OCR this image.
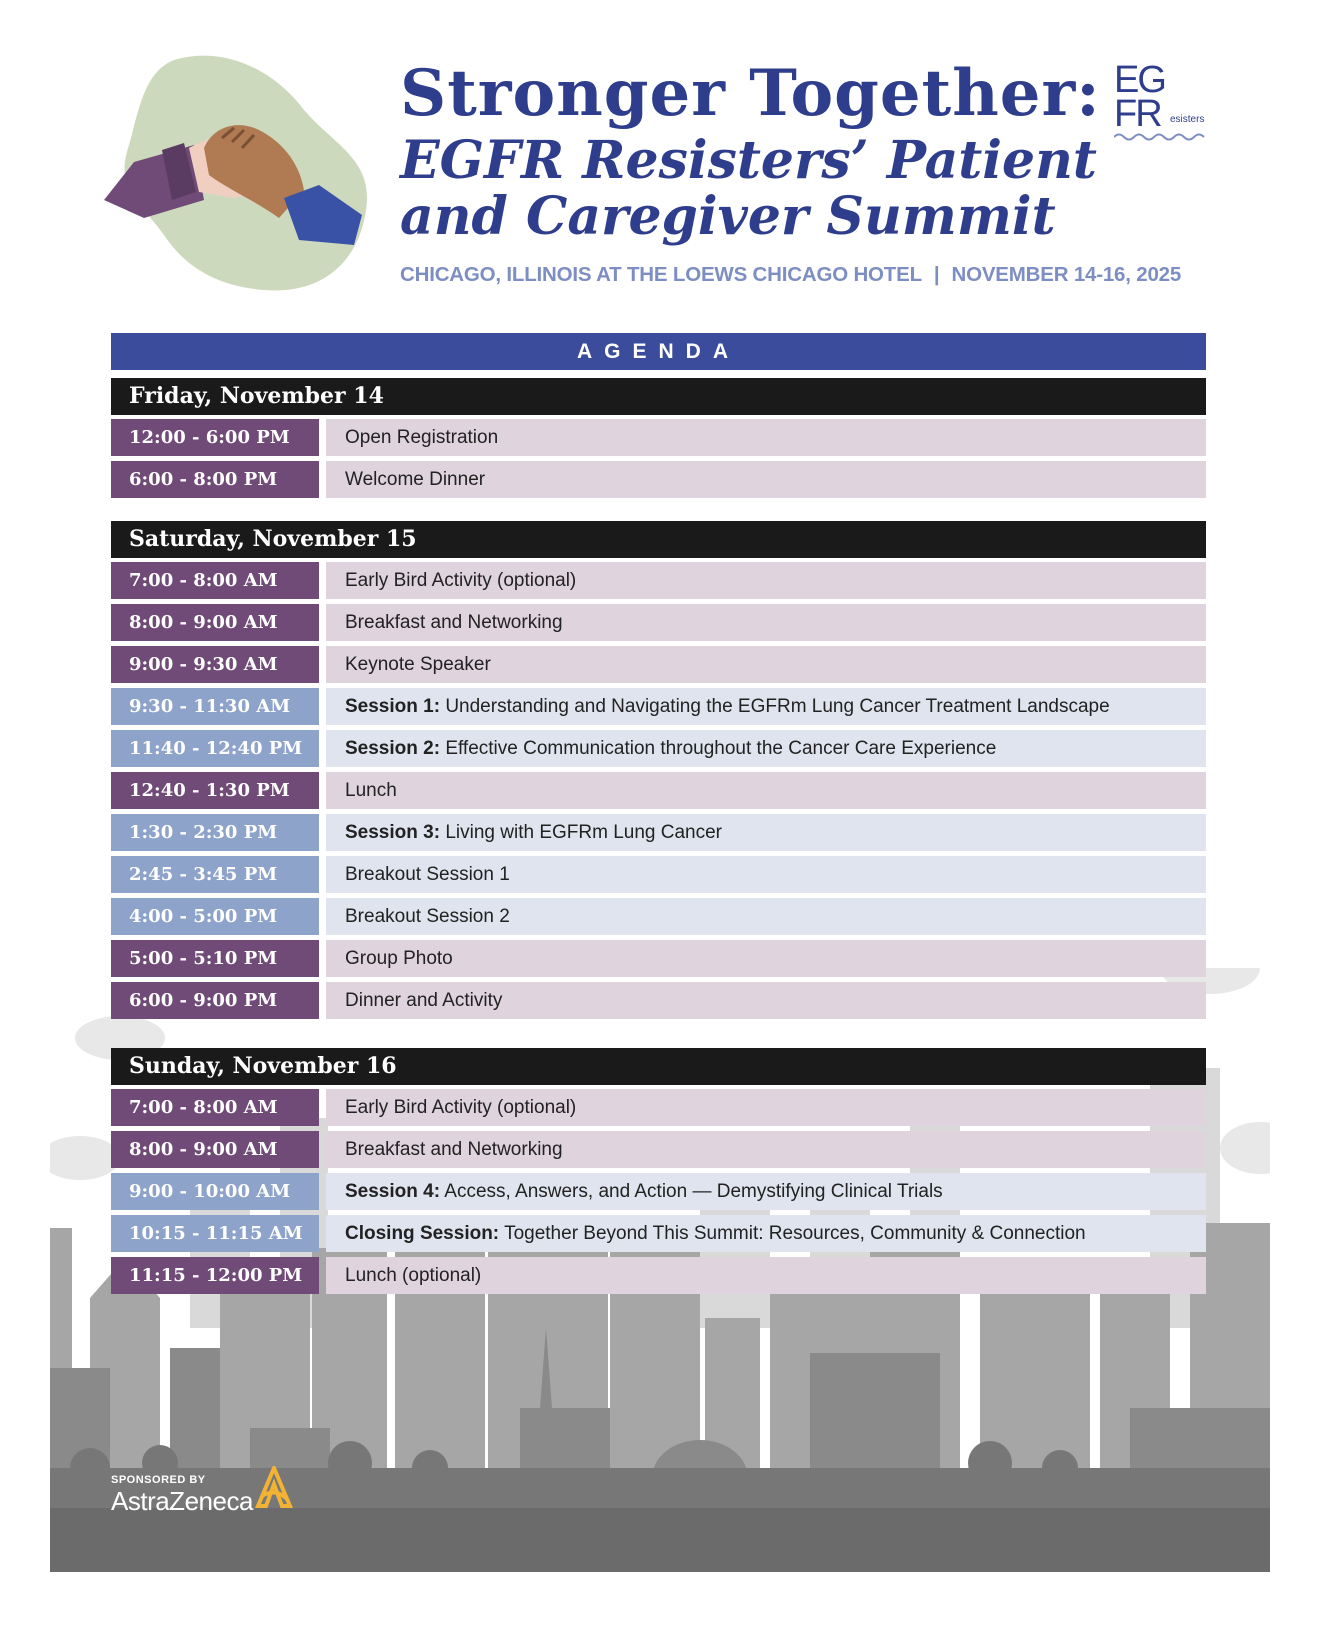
Stronger Together:
EGFR Resisters’ Patient
and Caregiver Summit
EG
FR esisters
CHICAGO, ILLINOIS AT THE LOEWS CHICAGO HOTEL | NOVEMBER 14-16, 2025
SPONSORED BY
AstraZeneca
AGENDA
Friday, November 14
12:00 - 6:00 PM	Open Registration
6:00 - 8:00 PM	Welcome Dinner
Saturday, November 15
7:00 - 8:00 AM	Early Bird Activity (optional)
8:00 - 9:00 AM	Breakfast and Networking
9:00 - 9:30 AM	Keynote Speaker
9:30 - 11:30 AM	Session 1: Understanding and Navigating the EGFRm Lung Cancer Treatment Landscape
11:40 - 12:40 PM	Session 2: Effective Communication throughout the Cancer Care Experience
12:40 - 1:30 PM	Lunch
1:30 - 2:30 PM	Session 3: Living with EGFRm Lung Cancer
2:45 - 3:45 PM	Breakout Session 1
4:00 - 5:00 PM	Breakout Session 2
5:00 - 5:10 PM	Group Photo
6:00 - 9:00 PM	Dinner and Activity
Sunday, November 16
7:00 - 8:00 AM	Early Bird Activity (optional)
8:00 - 9:00 AM	Breakfast and Networking
9:00 - 10:00 AM	Session 4: Access, Answers, and Action — Demystifying Clinical Trials
10:15 - 11:15 AM	Closing Session: Together Beyond This Summit: Resources, Community & Connection
11:15 - 12:00 PM	Lunch (optional)
